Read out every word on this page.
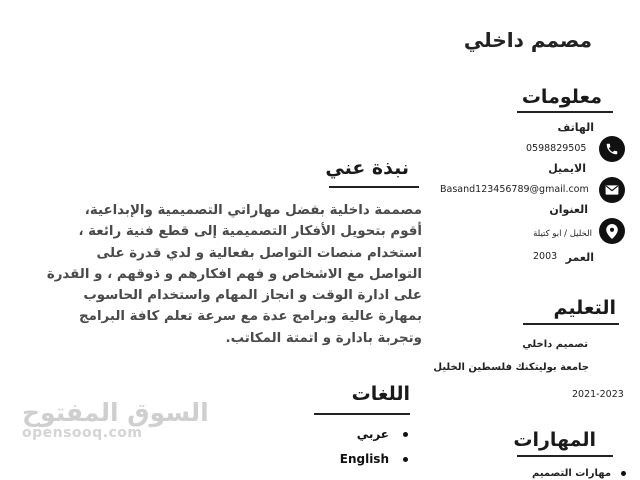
مصمم داخلي
معلومات
الهاتف
0598829505
الايميل
Basand123456789@gmail.com
العنوان
الخليل / ابو كتيلة
العمر
2003
التعليم
تصميم داخلي
جامعة بوليتكنك فلسطين الخليل
2021-2023
المهارات
مهارات التصميم
نبذة عني

مصممة داخلية بفضل مهاراتي التصميمية والإبداعية،

أقوم بتحويل الأفكار التصميمية إلى قطع فنية رائعة ،

استخدام منصات التواصل بفعالية و لدي قدرة على

التواصل مع الاشخاص و فهم افكارهم و ذوقهم ، و القدرة

على ادارة الوقت و انجاز المهام واستخدام الحاسوب

بمهارة عالية وبرامج عدة مع سرعة تعلم كافة البرامج

وتجربة بادارة و اتمتة المكاتب.

اللغات
عربي
English
السوق المفتوح
opensooq.com
